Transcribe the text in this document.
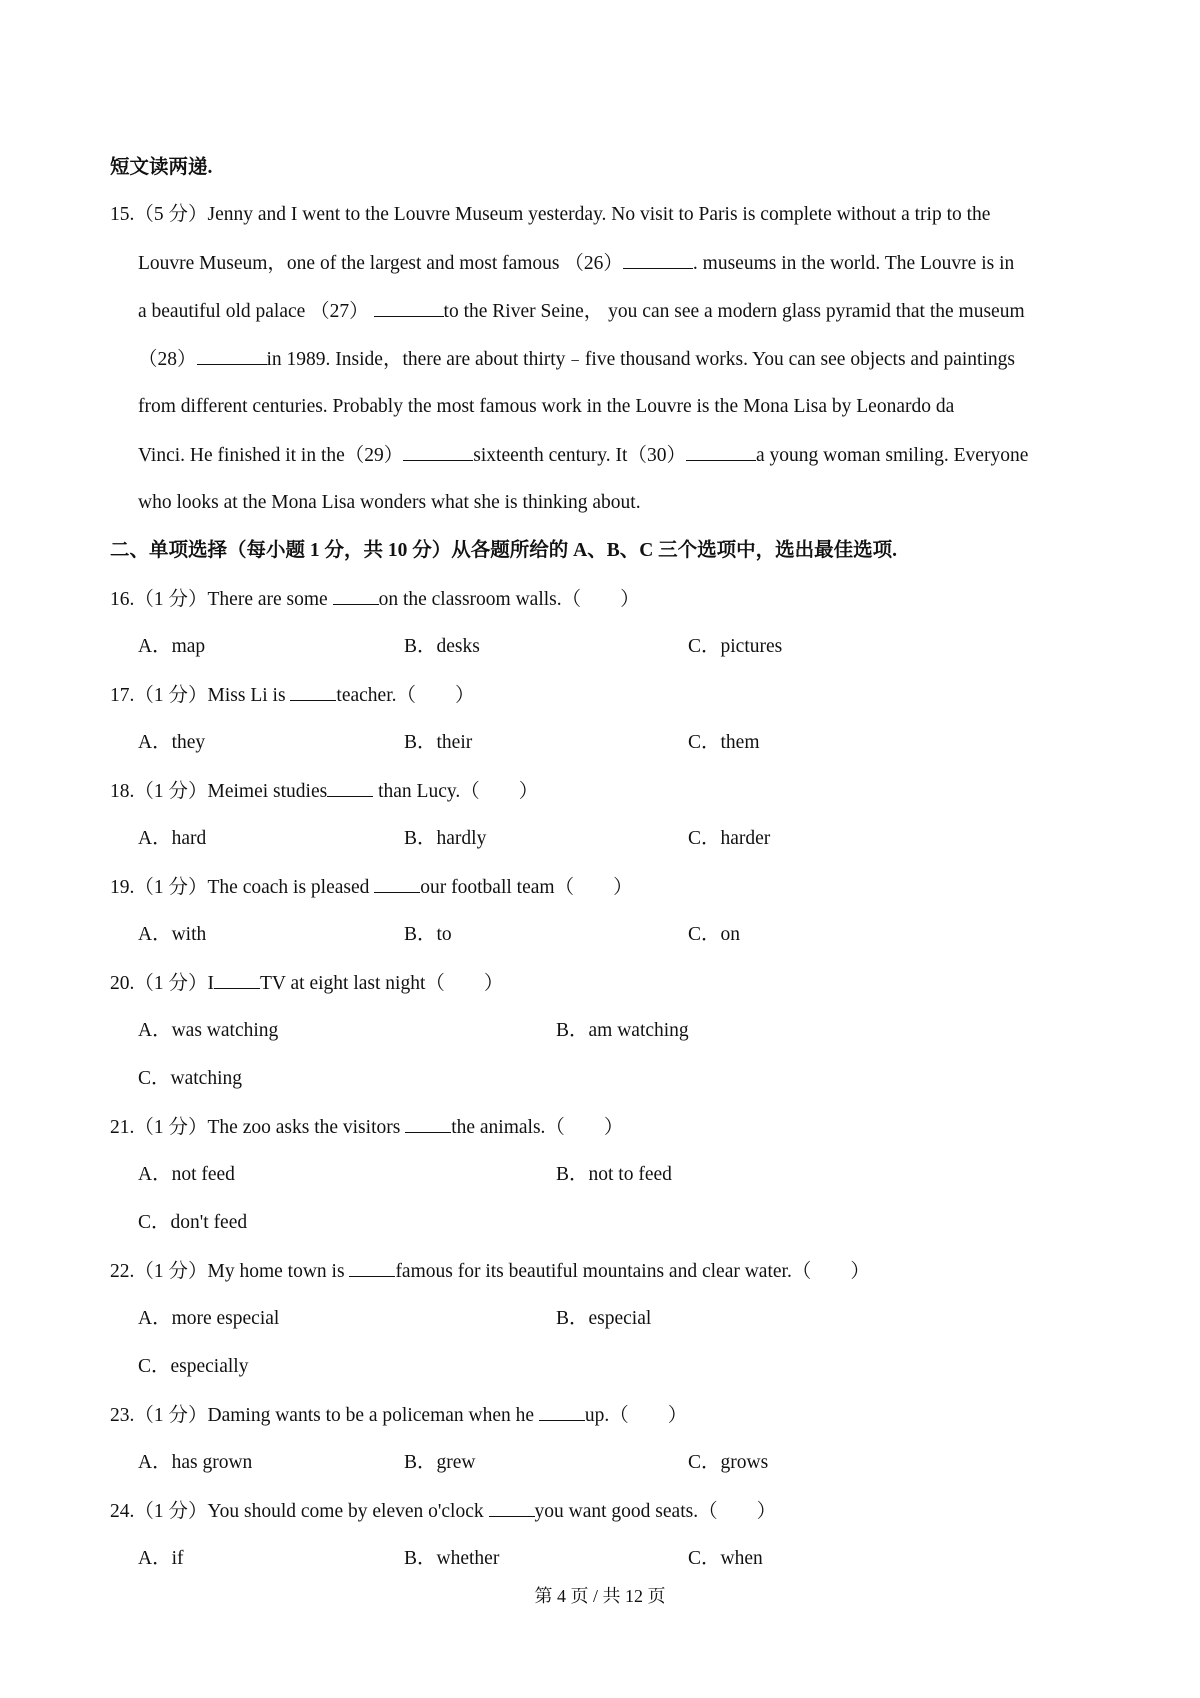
短文读两递.
15.（5 分）Jenny and I went to the Louvre Museum yesterday. No visit to Paris is complete without a trip to the
Louvre Museum，one of the largest and most famous （26）	. museums in the world. The Louvre is in
a beautiful old palace （27）	to the River Seine， you can see a modern glass pyramid that the museum
（28）	in 1989. Inside，there are about thirty﹣five thousand works. You can see objects and paintings
from different centuries. Probably the most famous work in the Louvre is the Mona Lisa by Leonardo da
Vinci. He finished it in the（29）	sixteenth century. It（30）	a young woman smiling. Everyone
who looks at the Mona Lisa wonders what she is thinking about.
二、单项选择（每小题 1 分，共 10 分）从各题所给的 A、B、C 三个选项中，选出最佳选项.
16.（1 分）There are some on the classroom walls.（　　）
A．map	B．desks	C．pictures
17.（1 分）Miss Li is teacher.（　　）
A．they	B．their	C．them
18.（1 分）Meimei studies than Lucy.（　　）
A．hard	B．hardly	C．harder
19.（1 分）The coach is pleased our football team（　　）
A．with	B．to	C．on
20.（1 分）I TV at eight last night（　　）
A．was watching	B．am watching
C．watching
21.（1 分）The zoo asks the visitors the animals.（　　）
A．not feed	B．not to feed
C．don't feed
22.（1 分）My home town is famous for its beautiful mountains and clear water.（　　）
A．more especial	B．especial
C．especially
23.（1 分）Daming wants to be a policeman when he up.（　　）
A．has grown	B．grew	C．grows
24.（1 分）You should come by eleven o'clock you want good seats.（　　）
A．if	B．whether	C．when
第 4 页 / 共 12 页
